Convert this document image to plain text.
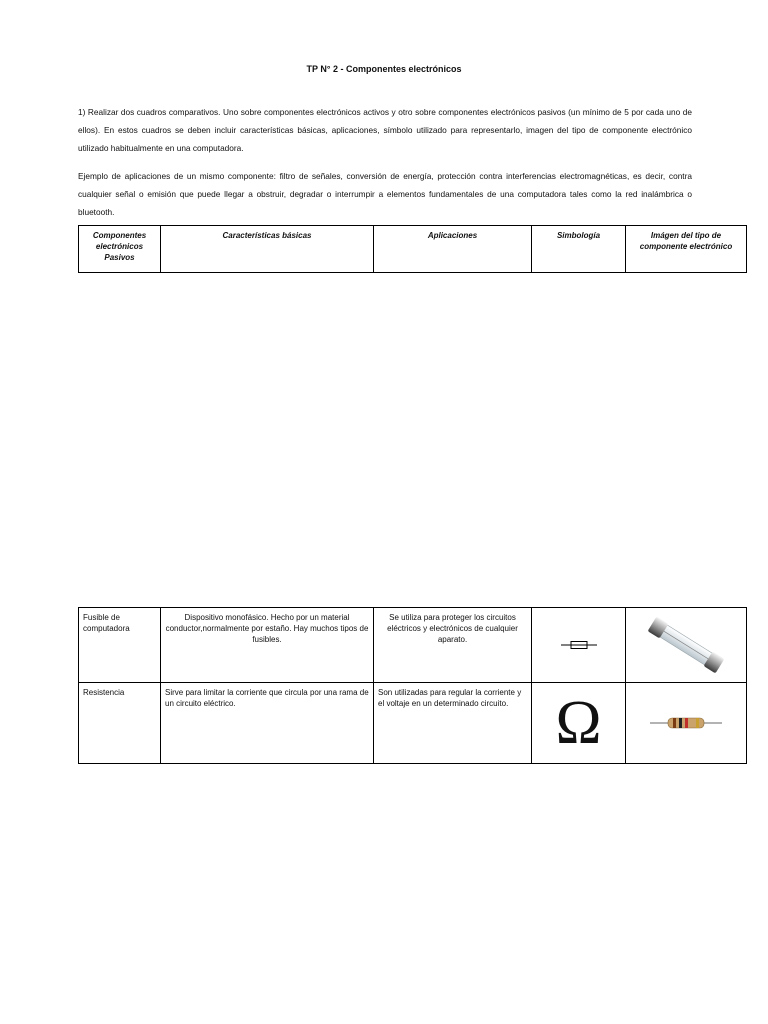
TP N° 2 - Componentes electrónicos
1) Realizar dos cuadros comparativos. Uno sobre componentes electrónicos activos y otro sobre componentes electrónicos pasivos (un mínimo de 5 por cada uno de ellos). En estos cuadros se deben incluir características básicas, aplicaciones, símbolo utilizado para representarlo, imagen del tipo de componente electrónico utilizado habitualmente en una computadora.
Ejemplo de aplicaciones de un mismo componente: filtro de señales, conversión de energía, protección contra interferencias electromagnéticas, es decir, contra cualquier señal o emisión que puede llegar a obstruir, degradar o interrumpir a elementos fundamentales de una computadora tales como la red inalámbrica o bluetooth.
Componentes electrónicos Pasivos	Características básicas	Aplicaciones	Simbología	Imágen del tipo de componente electrónico
Fusible de computadora	Dispositivo monofásico. Hecho por un material conductor,normalmente por estaño. Hay muchos tipos de fusibles.	Se utiliza para proteger los circuitos eléctricos y electrónicos de cualquier aparato.	

Resistencia	Sirve para limitar la corriente que circula por una rama de un circuito eléctrico.	Son utilizadas para regular la corriente y el voltaje en un determinado circuito.	Ω
